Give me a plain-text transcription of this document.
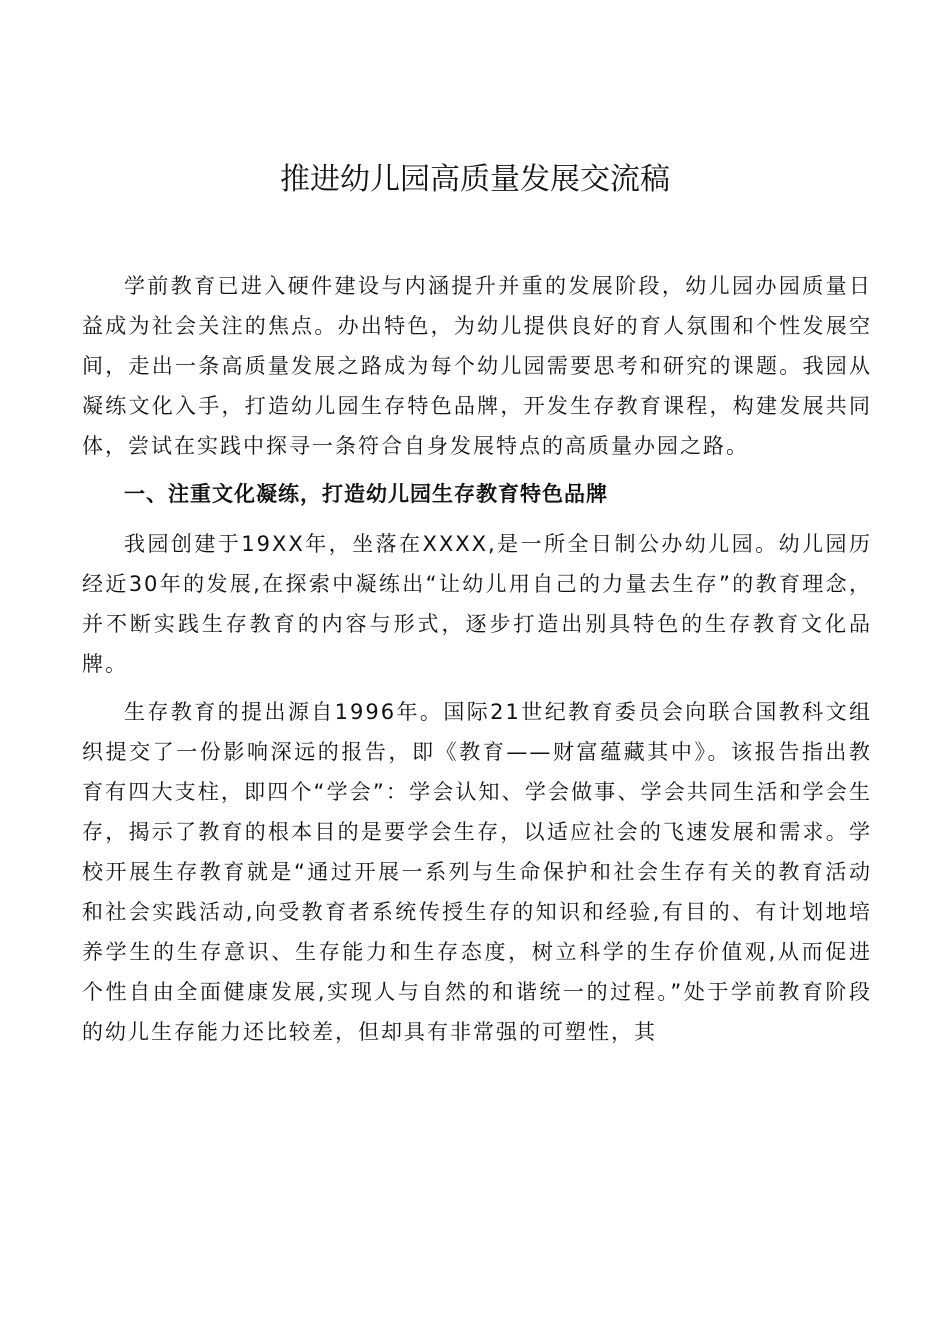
推进幼儿园高质量发展交流稿

学前教育已进入硬件建设与内涵提升并重的发展阶段，幼儿园办园质量日益成为社会关注的焦点。办出特色，为幼儿提供良好的育人氛围和个性发展空间，走出一条高质量发展之路成为每个幼儿园需要思考和研究的课题。我园从凝练文化入手，打造幼儿园生存特色品牌，开发生存教育课程，构建发展共同体，尝试在实践中探寻一条符合自身发展特点的高质量办园之路。

一、注重文化凝练，打造幼儿园生存教育特色品牌

我园创建于19XX年，坐落在XXXX,是一所全日制公办幼儿园。幼儿园历经近30年的发展,在探索中凝练出“让幼儿用自己的力量去生存”的教育理念，并不断实践生存教育的内容与形式，逐步打造出别具特色的生存教育文化品牌。

生存教育的提出源自1996年。国际21世纪教育委员会向联合国教科文组织提交了一份影响深远的报告，即《教育——财富蕴藏其中》。该报告指出教育有四大支柱，即四个“学会”：学会认知、学会做事、学会共同生活和学会生存，揭示了教育的根本目的是要学会生存，以适应社会的飞速发展和需求。学校开展生存教育就是“通过开展一系列与生命保护和社会生存有关的教育活动和社会实践活动,向受教育者系统传授生存的知识和经验,有目的、有计划地培养学生的生存意识、生存能力和生存态度，树立科学的生存价值观,从而促进个性自由全面健康发展,实现人与自然的和谐统一的过程。”处于学前教育阶段的幼儿生存能力还比较差，但却具有非常强的可塑性，其
